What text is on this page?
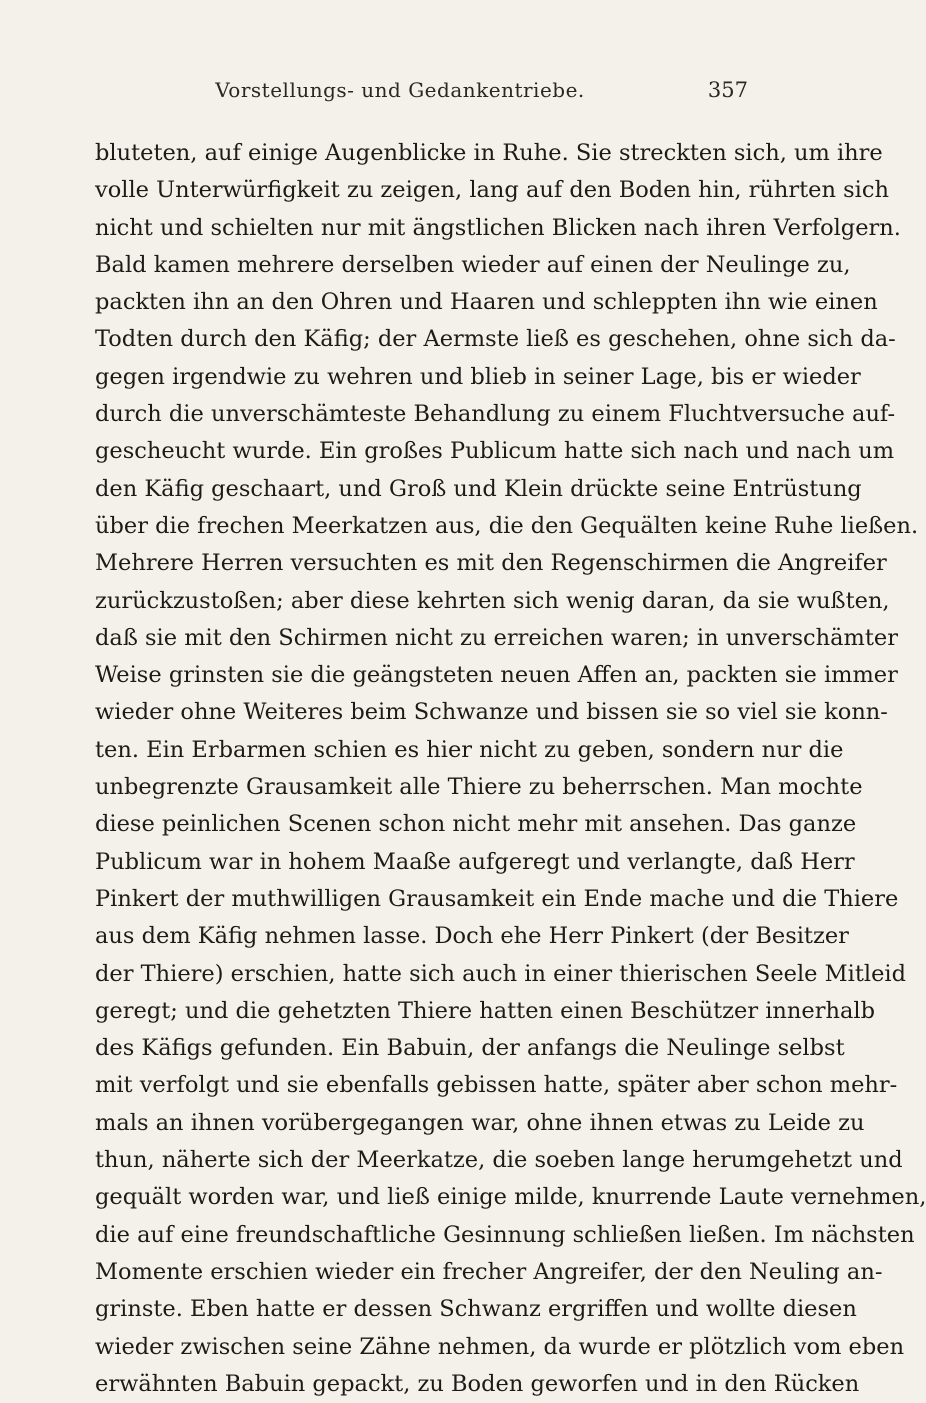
Vorstellungs- und Gedankentriebe.	357
bluteten, auf einige Augenblicke in Ruhe. Sie streckten sich, um ihre
volle Unterwürfigkeit zu zeigen, lang auf den Boden hin, rührten sich
nicht und schielten nur mit ängstlichen Blicken nach ihren Verfolgern.
Bald kamen mehrere derselben wieder auf einen der Neulinge zu,
packten ihn an den Ohren und Haaren und schleppten ihn wie einen
Todten durch den Käfig; der Aermste ließ es geschehen, ohne sich da-
gegen irgendwie zu wehren und blieb in seiner Lage, bis er wieder
durch die unverschämteste Behandlung zu einem Fluchtversuche auf-
gescheucht wurde. Ein großes Publicum hatte sich nach und nach um
den Käfig geschaart, und Groß und Klein drückte seine Entrüstung
über die frechen Meerkatzen aus, die den Gequälten keine Ruhe ließen.
Mehrere Herren versuchten es mit den Regenschirmen die Angreifer
zurückzustoßen; aber diese kehrten sich wenig daran, da sie wußten,
daß sie mit den Schirmen nicht zu erreichen waren; in unverschämter
Weise grinsten sie die geängsteten neuen Affen an, packten sie immer
wieder ohne Weiteres beim Schwanze und bissen sie so viel sie konn-
ten. Ein Erbarmen schien es hier nicht zu geben, sondern nur die
unbegrenzte Grausamkeit alle Thiere zu beherrschen. Man mochte
diese peinlichen Scenen schon nicht mehr mit ansehen. Das ganze
Publicum war in hohem Maaße aufgeregt und verlangte, daß Herr
Pinkert der muthwilligen Grausamkeit ein Ende mache und die Thiere
aus dem Käfig nehmen lasse. Doch ehe Herr Pinkert (der Besitzer
der Thiere) erschien, hatte sich auch in einer thierischen Seele Mitleid
geregt; und die gehetzten Thiere hatten einen Beschützer innerhalb
des Käfigs gefunden. Ein Babuin, der anfangs die Neulinge selbst
mit verfolgt und sie ebenfalls gebissen hatte, später aber schon mehr-
mals an ihnen vorübergegangen war, ohne ihnen etwas zu Leide zu
thun, näherte sich der Meerkatze, die soeben lange herumgehetzt und
gequält worden war, und ließ einige milde, knurrende Laute vernehmen,
die auf eine freundschaftliche Gesinnung schließen ließen. Im nächsten
Momente erschien wieder ein frecher Angreifer, der den Neuling an-
grinste. Eben hatte er dessen Schwanz ergriffen und wollte diesen
wieder zwischen seine Zähne nehmen, da wurde er plötzlich vom eben
erwähnten Babuin gepackt, zu Boden geworfen und in den Rücken
